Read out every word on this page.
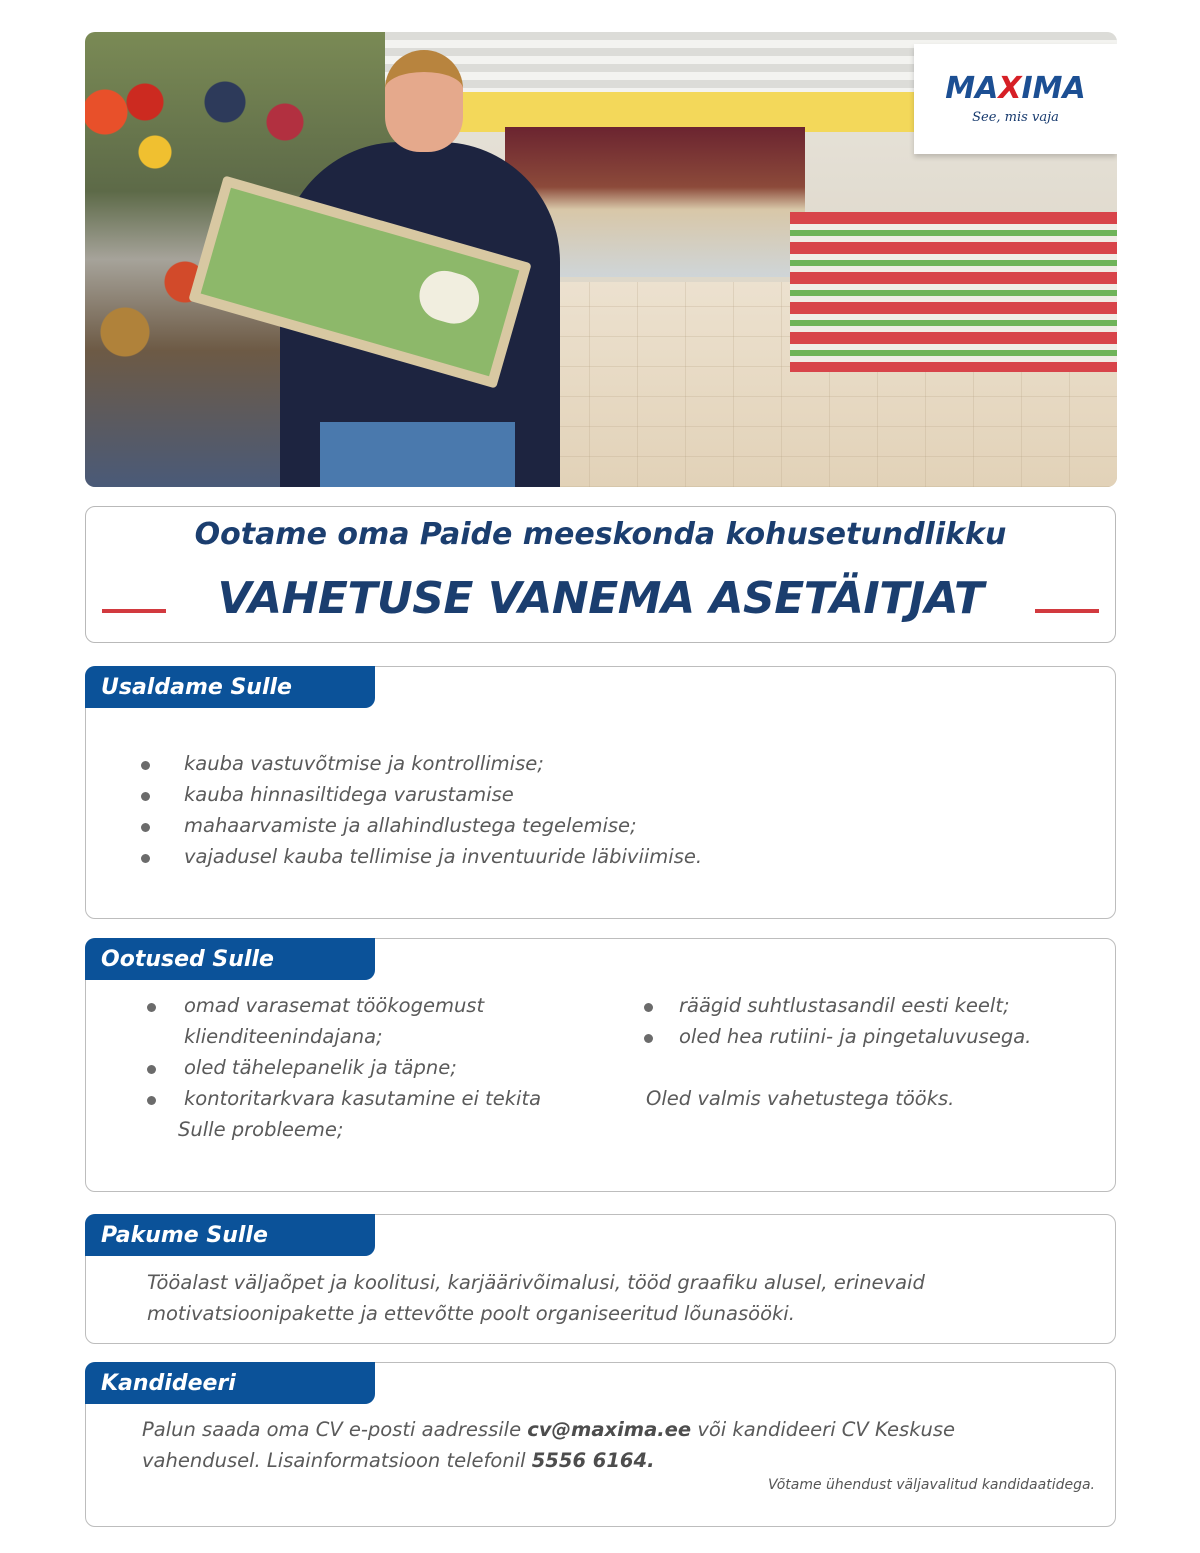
MAXIMA
See, mis vaja
Ootame oma Paide meeskonda kohusetundlikku
VAHETUSE VANEMA ASETÄITJAT
Usaldame Sulle
kauba vastuvõtmise ja kontrollimise;
kauba hinnasiltidega varustamise
mahaarvamiste ja allahindlustega tegelemise;
vajadusel kauba tellimise ja inventuuride läbiviimise.
Ootused Sulle
omad varasemat töökogemust
klienditeenindajana;
oled tähelepanelik ja täpne;
kontoritarkvara kasutamine ei tekita
Sulle probleeme;
räägid suhtlustasandil eesti keelt;
oled hea rutiini- ja pingetaluvusega.
Oled valmis vahetustega tööks.
Pakume Sulle
Tööalast väljaõpet ja koolitusi, karjäärivõimalusi, tööd graafiku alusel, erinevaid
motivatsioonipakette ja ettevõtte poolt organiseeritud lõunasööki.
Kandideeri
Palun saada oma CV e-posti aadressile cv@maxima.ee või kandideeri CV Keskuse
vahendusel. Lisainformatsioon telefonil 5556 6164.
Võtame ühendust väljavalitud kandidaatidega.
